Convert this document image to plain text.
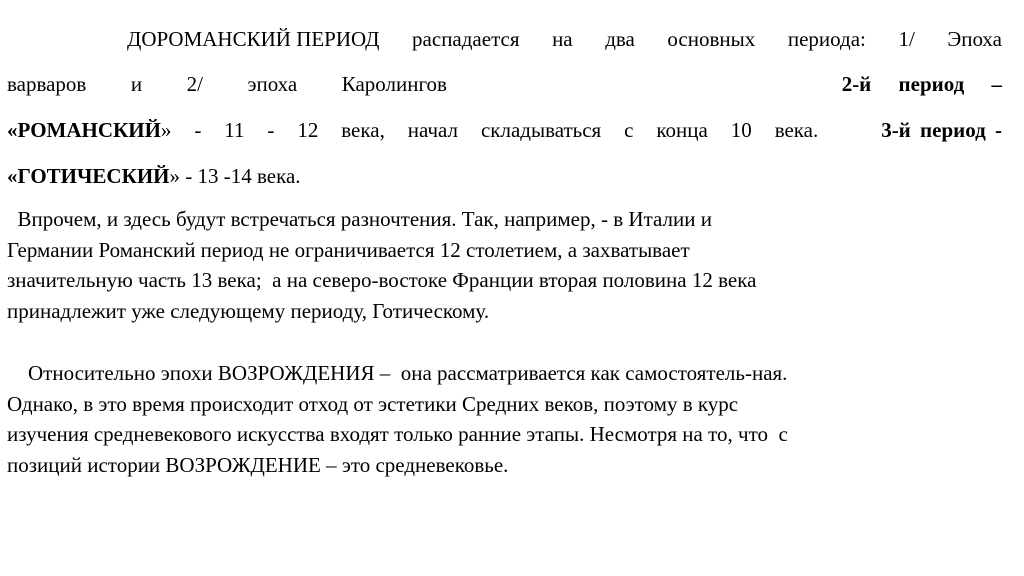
ДОРОМАНСКИЙ ПЕРИОД распадается на два основных периода: 1/ Эпоха
варваров и 2/ эпоха Каролингов	2-й период –
«РОМАНСКИЙ» - 11 - 12 века, начал складываться с конца 10 века.	3-й период -
«ГОТИЧЕСКИЙ» - 13 -14 века.
Впрочем, и здесь будут встречаться разночтения. Так, например, - в Италии и
Германии Романский период не ограничивается 12 столетием, а захватывает
значительную часть 13 века;  а на северо-востоке Франции вторая половина 12 века
принадлежит уже следующему периоду, Готическому.
Относительно эпохи ВОЗРОЖДЕНИЯ –  она рассматривается как самостоятель-ная.
Однако, в это время происходит отход от эстетики Средних веков, поэтому в курс
изучения средневекового искусства входят только ранние этапы. Несмотря на то, что  с
позиций истории ВОЗРОЖДЕНИЕ – это средневековье.
